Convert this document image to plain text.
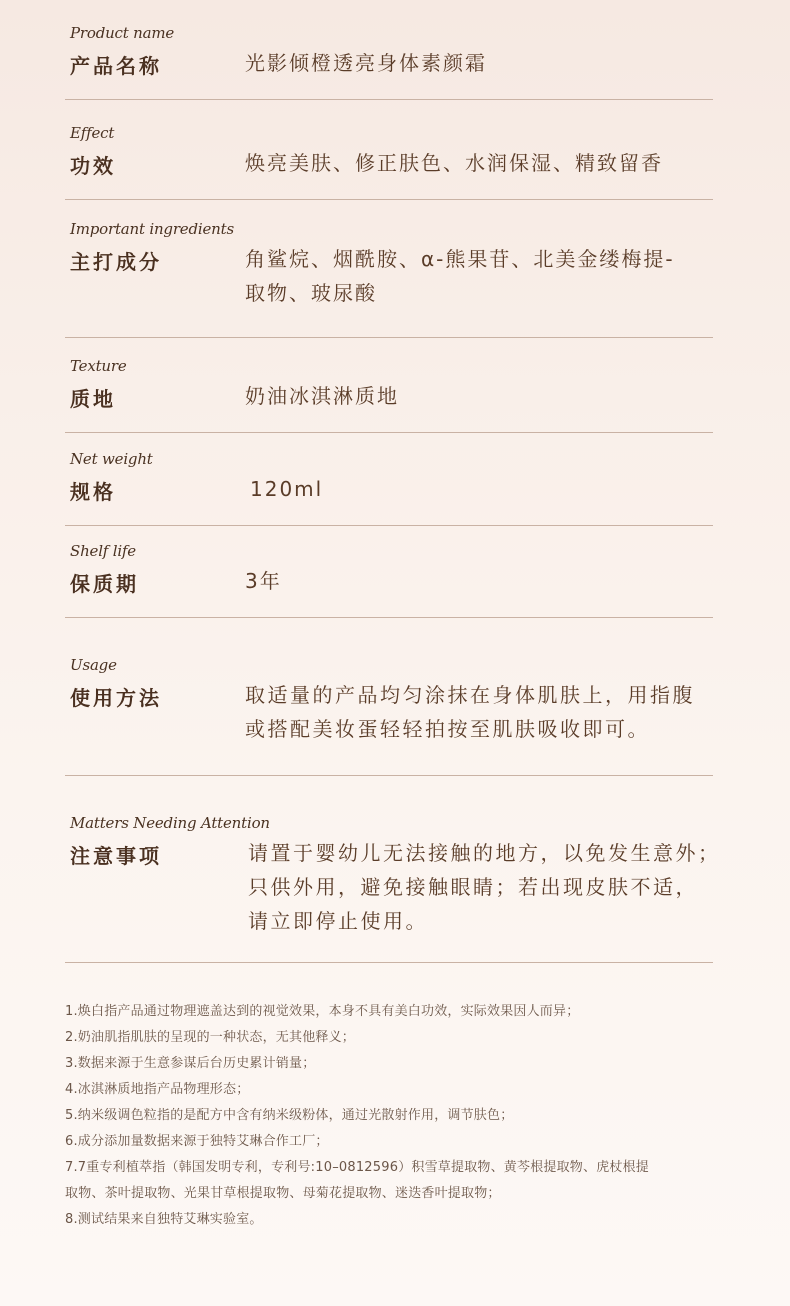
Product name
产品名称	光影倾橙透亮身体素颜霜
Effect
功效	焕亮美肤、修正肤色、水润保湿、精致留香
Important ingredients
主打成分	角鲨烷、烟酰胺、α-熊果苷、北美金缕梅提-
取物、玻尿酸
Texture
质地	奶油冰淇淋质地
Net weight
规格	120ml
Shelf life
保质期	3年
Usage
使用方法	取适量的产品均匀涂抹在身体肌肤上，用指腹
或搭配美妆蛋轻轻拍按至肌肤吸收即可。
Matters Needing Attention
注意事项	请置于婴幼儿无法接触的地方，以免发生意外；
只供外用，避免接触眼睛；若出现皮肤不适，
请立即停止使用。
1.焕白指产品通过物理遮盖达到的视觉效果，本身不具有美白功效，实际效果因人而异；
2.奶油肌指肌肤的呈现的一种状态，无其他释义；
3.数据来源于生意参谋后台历史累计销量；
4.冰淇淋质地指产品物理形态；
5.纳米级调色粒指的是配方中含有纳米级粉体，通过光散射作用，调节肤色；
6.成分添加量数据来源于独特艾琳合作工厂；
7.7重专利植萃指（韩国发明专利，专利号:10–0812596）积雪草提取物、黄芩根提取物、虎杖根提
取物、茶叶提取物、光果甘草根提取物、母菊花提取物、迷迭香叶提取物；
8.测试结果来自独特艾琳实验室。
